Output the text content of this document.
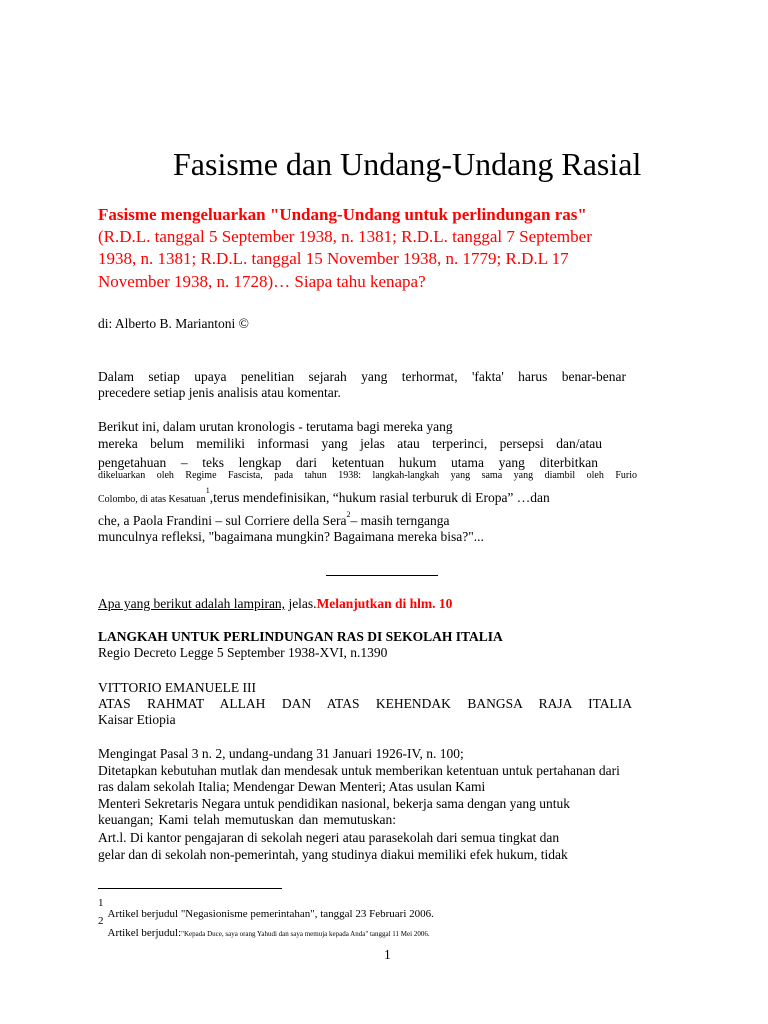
Fasisme dan Undang-Undang Rasial
Fasisme mengeluarkan "Undang-Undang untuk perlindungan ras"
(R.D.L. tanggal 5 September 1938, n. 1381; R.D.L. tanggal 7 September
1938, n. 1381; R.D.L. tanggal 15 November 1938, n. 1779; R.D.L 17
November 1938, n. 1728)… Siapa tahu kenapa?
di: Alberto B. Mariantoni ©
Dalam setiap upaya penelitian sejarah yang terhormat, 'fakta' harus benar-benar
precedere setiap jenis analisis atau komentar.
Berikut ini, dalam urutan kronologis - terutama bagi mereka yang
mereka belum memiliki informasi yang jelas atau terperinci, persepsi dan/atau
pengetahuan – teks lengkap dari ketentuan hukum utama yang diterbitkan
dikeluarkan oleh Regime Fascista, pada tahun 1938: langkah-langkah yang sama yang diambil oleh Furio
Colombo, di atas Kesatuan$^1$,terus mendefinisikan, “hukum rasial terburuk di Eropa” …dan
che, a Paola Frandini – sul Corriere della Sera$^2$– masih ternganga
munculnya refleksi, "bagaimana mungkin? Bagaimana mereka bisa?"...
Apa yang berikut adalah lampiran, jelas.Melanjutkan di hlm. 10
LANGKAH UNTUK PERLINDUNGAN RAS DI SEKOLAH ITALIA
Regio Decreto Legge 5 September 1938-XVI, n.1390
VITTORIO EMANUELE III
ATAS RAHMAT ALLAH DAN ATAS KEHENDAK BANGSA RAJA ITALIA
Kaisar Etiopia
Mengingat Pasal 3 n. 2, undang-undang 31 Januari 1926-IV, n. 100;
Ditetapkan kebutuhan mutlak dan mendesak untuk memberikan ketentuan untuk pertahanan dari
ras dalam sekolah Italia; Mendengar Dewan Menteri; Atas usulan Kami
Menteri Sekretaris Negara untuk pendidikan nasional, bekerja sama dengan yang untuk
keuangan; Kami telah memutuskan dan memutuskan:
Art.l. Di kantor pengajaran di sekolah negeri atau parasekolah dari semua tingkat dan
gelar dan di sekolah non-pemerintah, yang studinya diakui memiliki efek hukum, tidak
$^1$ $_{Artikel berjudul "Negasionisme pemerintahan", tanggal 23 Februari 2006.}$
$^2$ $_{Artikel berjudul:"Kepada Duce, saya orang Yahudi dan saya memuja kepada Anda" tanggal 11 Mei 2006.}$
1
